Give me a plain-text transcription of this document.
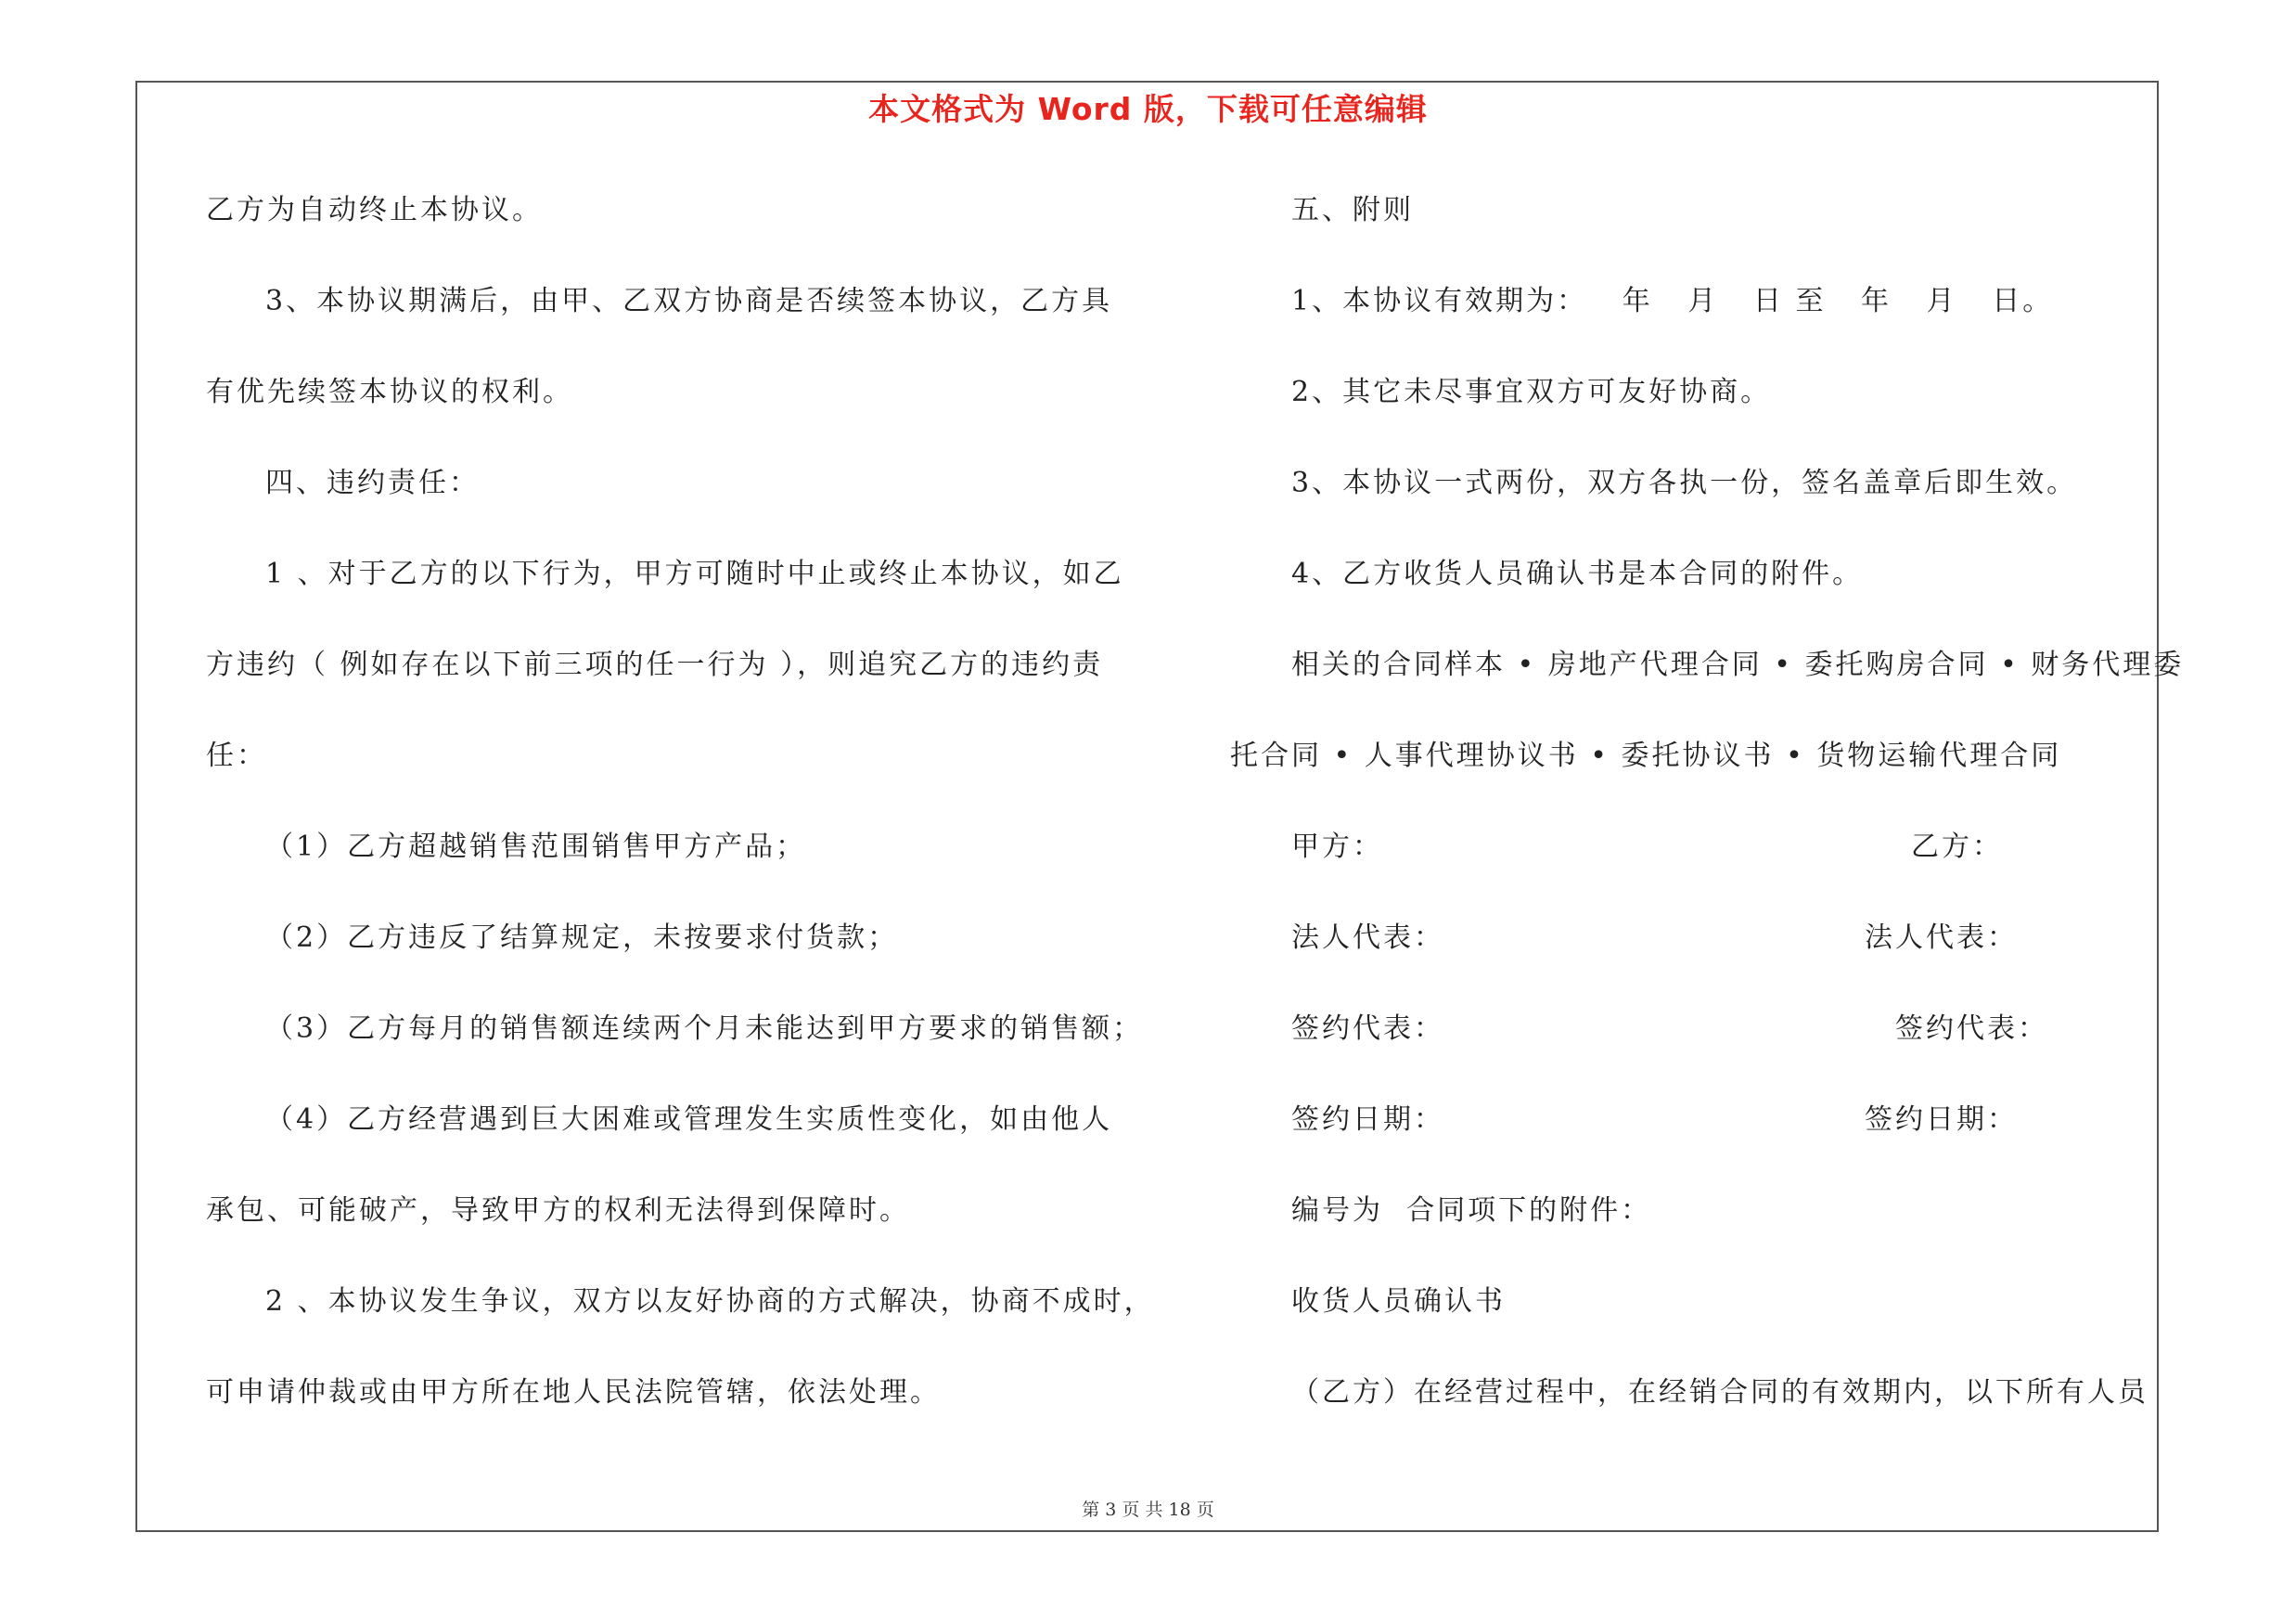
本文格式为 Word 版，下载可任意编辑
乙方为自动终止本协议。
3、本协议期满后，由甲、乙双方协商是否续签本协议，乙方具
有优先续签本协议的权利。
四、违约责任：
1 、对于乙方的以下行为，甲方可随时中止或终止本协议，如乙
方违约（ 例如存在以下前三项的任一行为 ），则追究乙方的违约责
任：
（1）乙方超越销售范围销售甲方产品；
（2）乙方违反了结算规定，未按要求付货款；
（3）乙方每月的销售额连续两个月未能达到甲方要求的销售额；
（4）乙方经营遇到巨大困难或管理发生实质性变化，如由他人
承包、可能破产，导致甲方的权利无法得到保障时。
2 、本协议发生争议，双方以友好协商的方式解决，协商不成时，
可申请仲裁或由甲方所在地人民法院管辖，依法处理。
五、附则
1、本协议有效期为：   年   月   日 至   年   月   日。
2、其它未尽事宜双方可友好协商。
3、本协议一式两份，双方各执一份，签名盖章后即生效。
4、乙方收货人员确认书是本合同的附件。
相关的合同样本 • 房地产代理合同 • 委托购房合同 • 财务代理委
托合同 • 人事代理协议书 • 委托协议书 • 货物运输代理合同
甲方：	乙方：
法人代表：	法人代表：
签约代表：	签约代表：
签约日期：	签约日期：
编号为  合同项下的附件：
收货人员确认书
（乙方）在经营过程中，在经销合同的有效期内，以下所有人员
第 3 页 共 18 页
